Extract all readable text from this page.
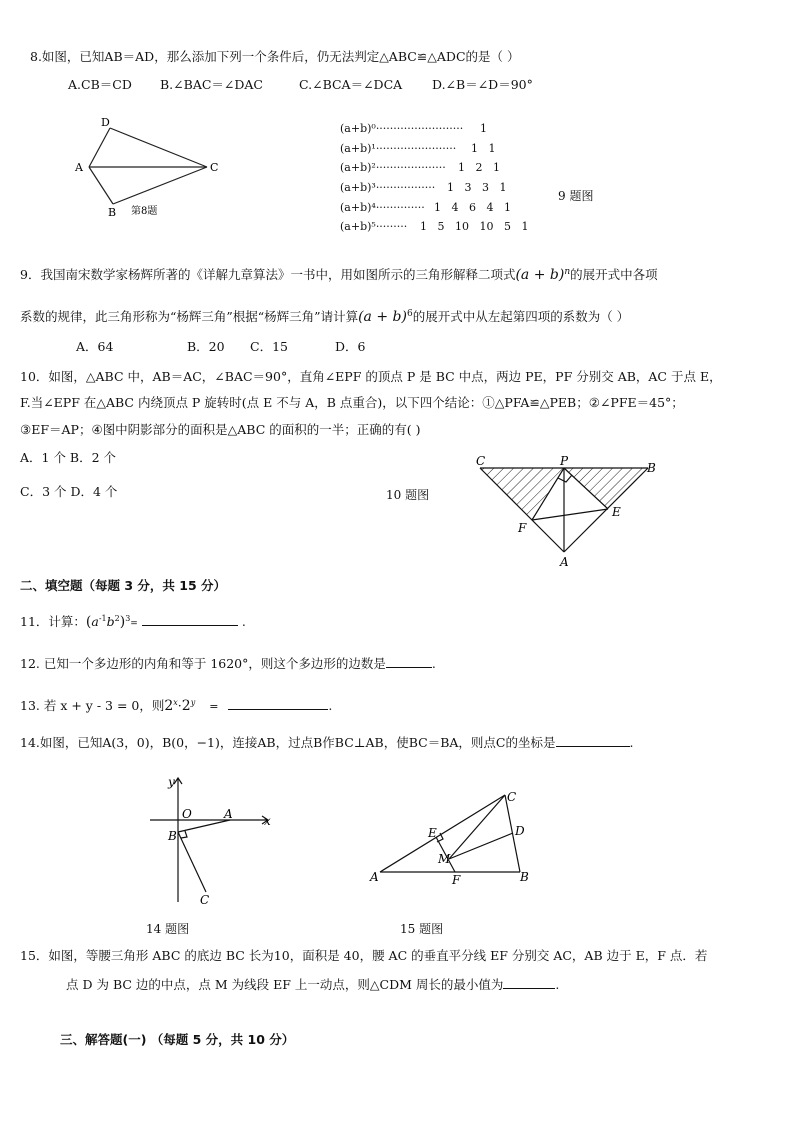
8.如图，已知AB＝AD，那么添加下列一个条件后，仍无法判定△ABC≌△ADC的是（ ）
A.CB＝CD B.∠BAC＝∠DAC	C.∠BCA＝∠DCA D.∠B＝∠D＝90°
D
A	C
B 第8题
(a+b)⁰························· 1
(a+b)¹······················· 1   1
(a+b)²···················· 1   2   1
(a+b)³················· 1   3   3   1
(a+b)⁴·············· 1   4   6   4   1
(a+b)⁵········· 1   5   10   10   5   1
9 题图
9．我国南宋数学家杨辉所著的《详解九章算法》一书中，用如图所示的三角形解释二项式$(a + b)^n$的展开式中各项
系数的规律，此三角形称为“杨辉三角”根据“杨辉三角”请计算$(a + b)^6$的展开式中从左起第四项的系数为（ ）
A．64	B．20 C．15	D．6
10．如图，△ABC 中，AB＝AC，∠BAC＝90°，直角∠EPF 的顶点 P 是 BC 中点，两边 PE，PF 分别交 AB，AC 于点 E，
F.当∠EPF 在△ABC 内绕顶点 P 旋转时(点 E 不与 A，B 点重合)，以下四个结论：①△PFA≌△PEB；②∠PFE＝45°；
③EF＝AP；④图中阴影部分的面积是△ABC 的面积的一半；正确的有( )
A．1 个 B．2 个
C．3 个 D．4 个	10 题图
C	P	B
F
E
A
二、填空题（每题 3 分，共 15 分）
11．计算：$(a^{-1}b^2)^3=$	.
12. 已知一个多边形的内角和等于 1620°，则这个多边形的边数是	.
13. 若 x + y - 3 = 0，则$2^x\cdot 2^y$ =	.
14.如图，已知A(3，0)，B(0，−1)，连接AB，过点B作BC⊥AB，使BC＝BA，则点C的坐标是	.
y
O	A	x
B
C
14 题图
E
C
D
M
A	F	B
15 题图
15．如图，等腰三角形 ABC 的底边 BC 长为10，面积是 40，腰 AC 的垂直平分线 EF 分别交 AC，AB 边于 E，F 点．若
点 D 为 BC 边的中点，点 M 为线段 EF 上一动点，则△CDM 周长的最小值为	.
三、解答题(一) （每题 5 分，共 10 分）
